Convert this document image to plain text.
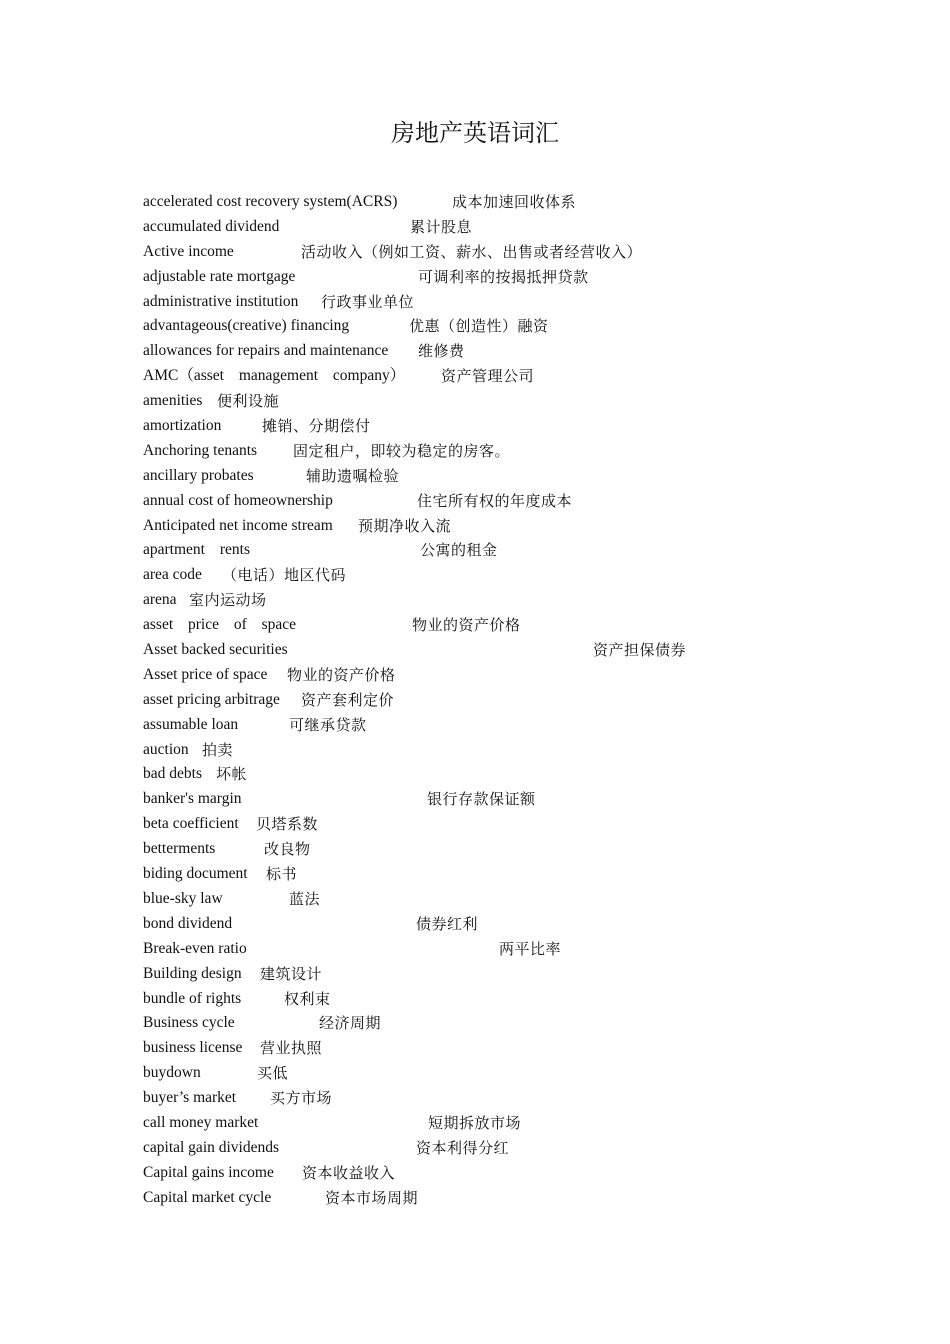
房地产英语词汇
accelerated cost recovery system(ACRS)	成本加速回收体系
accumulated dividend	累计股息
Active income	活动收入（例如工资、薪水、出售或者经营收入）
adjustable rate mortgage	可调利率的按揭抵押贷款
administrative institution 行政事业单位
advantageous(creative) financing	优惠（创造性）融资
allowances for repairs and maintenance 维修费
AMC（asset management company） 资产管理公司
amenities 便利设施
amortization	摊销、分期偿付
Anchoring tenants 固定租户，即较为稳定的房客。
ancillary probates	辅助遗嘱检验
annual cost of homeownership	住宅所有权的年度成本
Anticipated net income stream 预期净收入流
apartment rents	公寓的租金
area code （电话）地区代码
arena 室内运动场
asset price of space	物业的资产价格
Asset backed securities	资产担保债券
Asset price of space 物业的资产价格
asset pricing arbitrage 资产套利定价
assumable loan	可继承贷款
auction 拍卖
bad debts 坏帐
banker's margin	银行存款保证额
beta coefficient 贝塔系数
betterments	改良物
biding document 标书
blue-sky law	蓝法
bond dividend	债券红利
Break-even ratio	两平比率
Building design 建筑设计
bundle of rights	权利束
Business cycle	经济周期
business license 营业执照
buydown	买低
buyer’s market 买方市场
call money market	短期拆放市场
capital gain dividends	资本利得分红
Capital gains income 资本收益收入
Capital market cycle	资本市场周期
